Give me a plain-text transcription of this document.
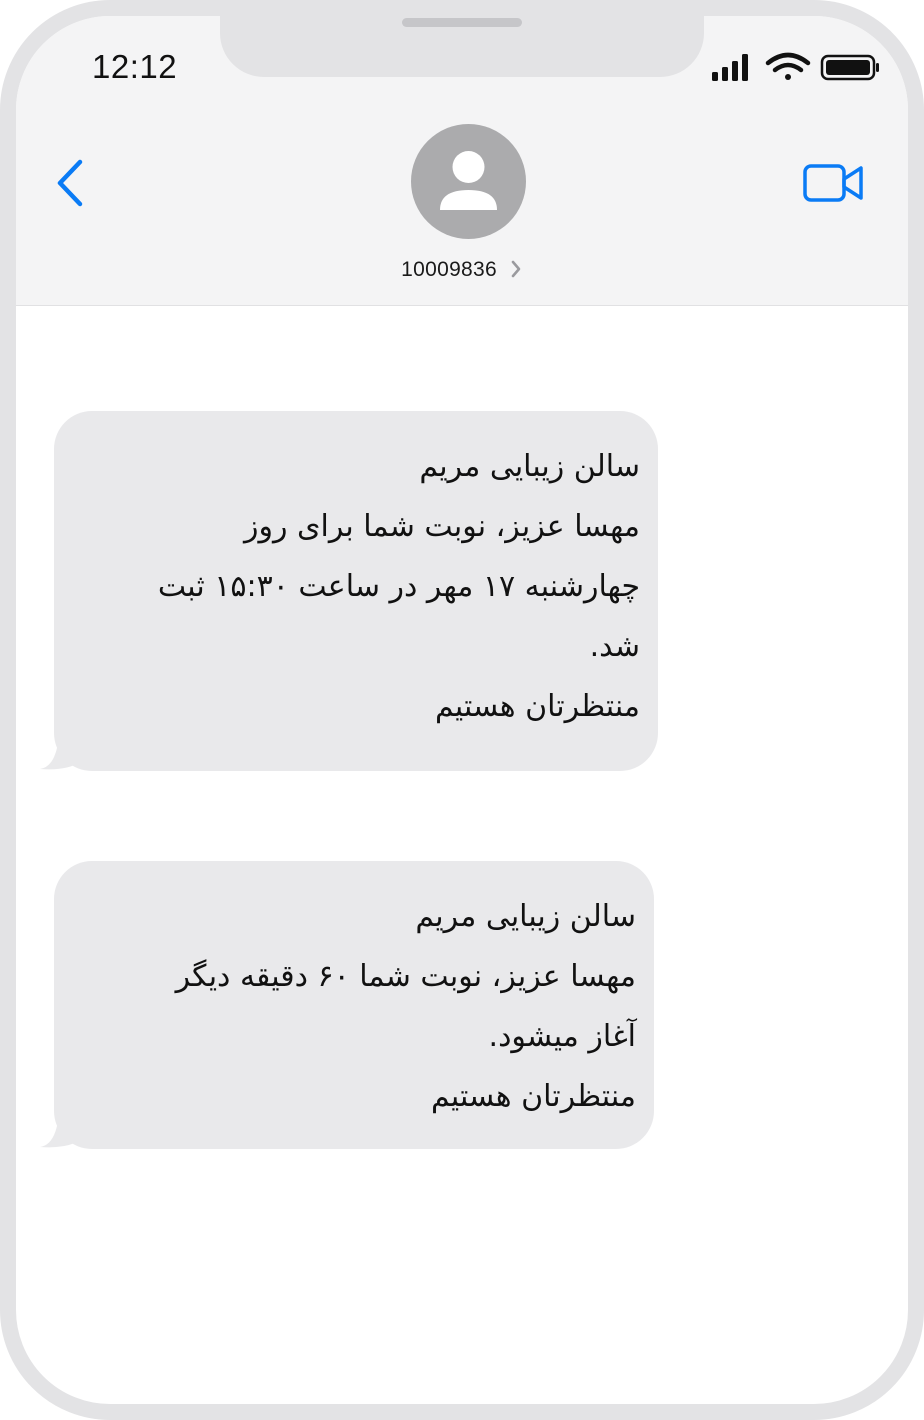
12:12
10009836
سالن زیبایی مریم
مهسا عزیز، نوبت شما برای روز
چهارشنبه ۱۷ مهر در ساعت ۱۵:۳۰ ثبت
شد.
منتظرتان هستیم
سالن زیبایی مریم
مهسا عزیز، نوبت شما ۶۰ دقیقه دیگر
آغاز میشود.
منتظرتان هستیم
